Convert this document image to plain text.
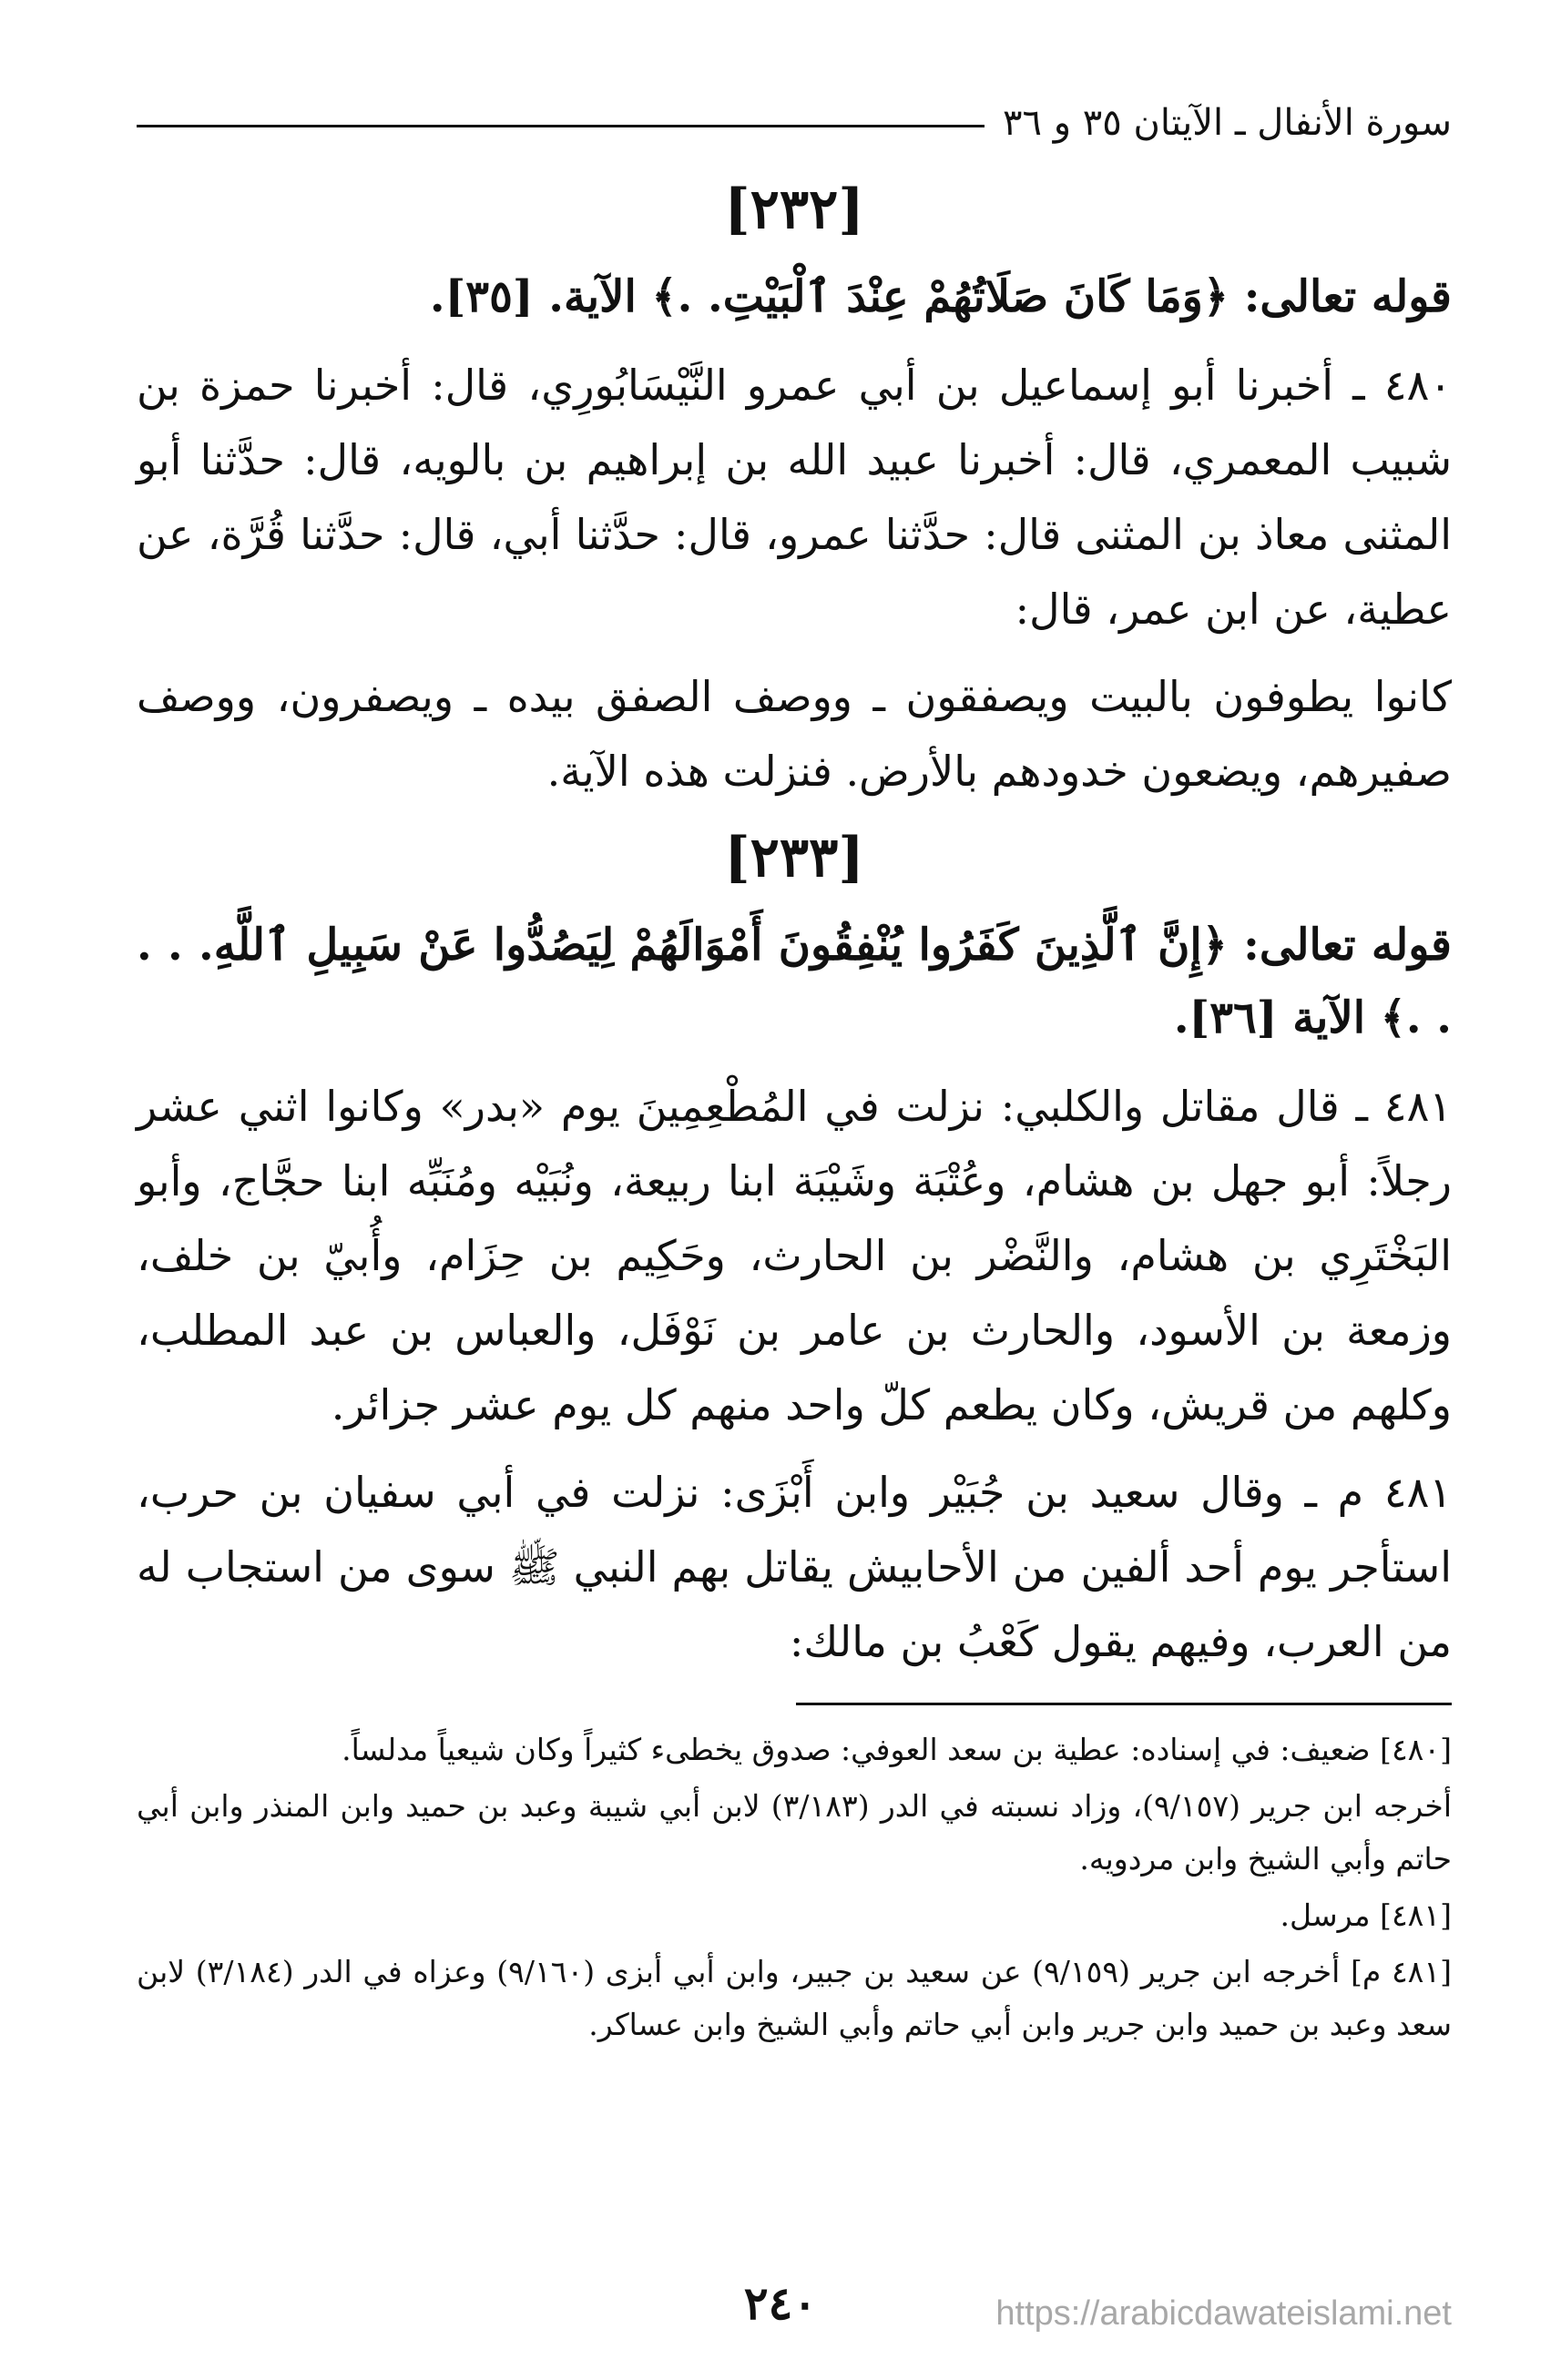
سورة الأنفال ـ الآيتان ٣٥ و ٣٦
[٢٣٢]

قوله تعالى: ﴿وَمَا كَانَ صَلَاتُهُمْ عِنْدَ ٱلْبَيْتِ. .﴾ الآية. [٣٥].

٤٨٠ ـ أخبرنا أبو إسماعيل بن أبي عمرو النَّيْسَابُورِي، قال: أخبرنا حمزة بن شبيب المعمري، قال: أخبرنا عبيد الله بن إبراهيم بن بالويه، قال: حدَّثنا أبو المثنى معاذ بن المثنى قال: حدَّثنا عمرو، قال: حدَّثنا أبي، قال: حدَّثنا قُرَّة، عن عطية، عن ابن عمر، قال:

كانوا يطوفون بالبيت ويصفقون ـ ووصف الصفق بيده ـ ويصفرون، ووصف صفيرهم، ويضعون خدودهم بالأرض. فنزلت هذه الآية.

[٢٣٣]

قوله تعالى: ﴿إِنَّ ٱلَّذِينَ كَفَرُوا يُنْفِقُونَ أَمْوَالَهُمْ لِيَصُدُّوا عَنْ سَبِيلِ ٱللَّهِ. . . . .﴾ الآية [٣٦].

٤٨١ ـ قال مقاتل والكلبي: نزلت في المُطْعِمِينَ يوم «بدر» وكانوا اثني عشر رجلاً: أبو جهل بن هشام، وعُتْبَة وشَيْبَة ابنا ربيعة، ونُبَيْه ومُنَبِّه ابنا حجَّاج، وأبو البَخْتَرِي بن هشام، والنَّضْر بن الحارث، وحَكِيم بن حِزَام، وأُبيّ بن خلف، وزمعة بن الأسود، والحارث بن عامر بن نَوْفَل، والعباس بن عبد المطلب، وكلهم من قريش، وكان يطعم كلّ واحد منهم كل يوم عشر جزائر.

٤٨١ م ـ وقال سعيد بن جُبَيْر وابن أَبْزَى: نزلت في أبي سفيان بن حرب، استأجر يوم أحد ألفين من الأحابيش يقاتل بهم النبي ﷺ سوى من استجاب له من العرب، وفيهم يقول كَعْبُ بن مالك:

[٤٨٠] ضعيف: في إسناده: عطية بن سعد العوفي: صدوق يخطىء كثيراً وكان شيعياً مدلساً.

أخرجه ابن جرير (٩/١٥٧)، وزاد نسبته في الدر (٣/١٨٣) لابن أبي شيبة وعبد بن حميد وابن المنذر وابن أبي حاتم وأبي الشيخ وابن مردويه.

[٤٨١] مرسل.

[٤٨١ م] أخرجه ابن جرير (٩/١٥٩) عن سعيد بن جبير، وابن أبي أبزى (٩/١٦٠) وعزاه في الدر (٣/١٨٤) لابن سعد وعبد بن حميد وابن جرير وابن أبي حاتم وأبي الشيخ وابن عساكر.

٢٤٠	https://arabicdawateislami.net
